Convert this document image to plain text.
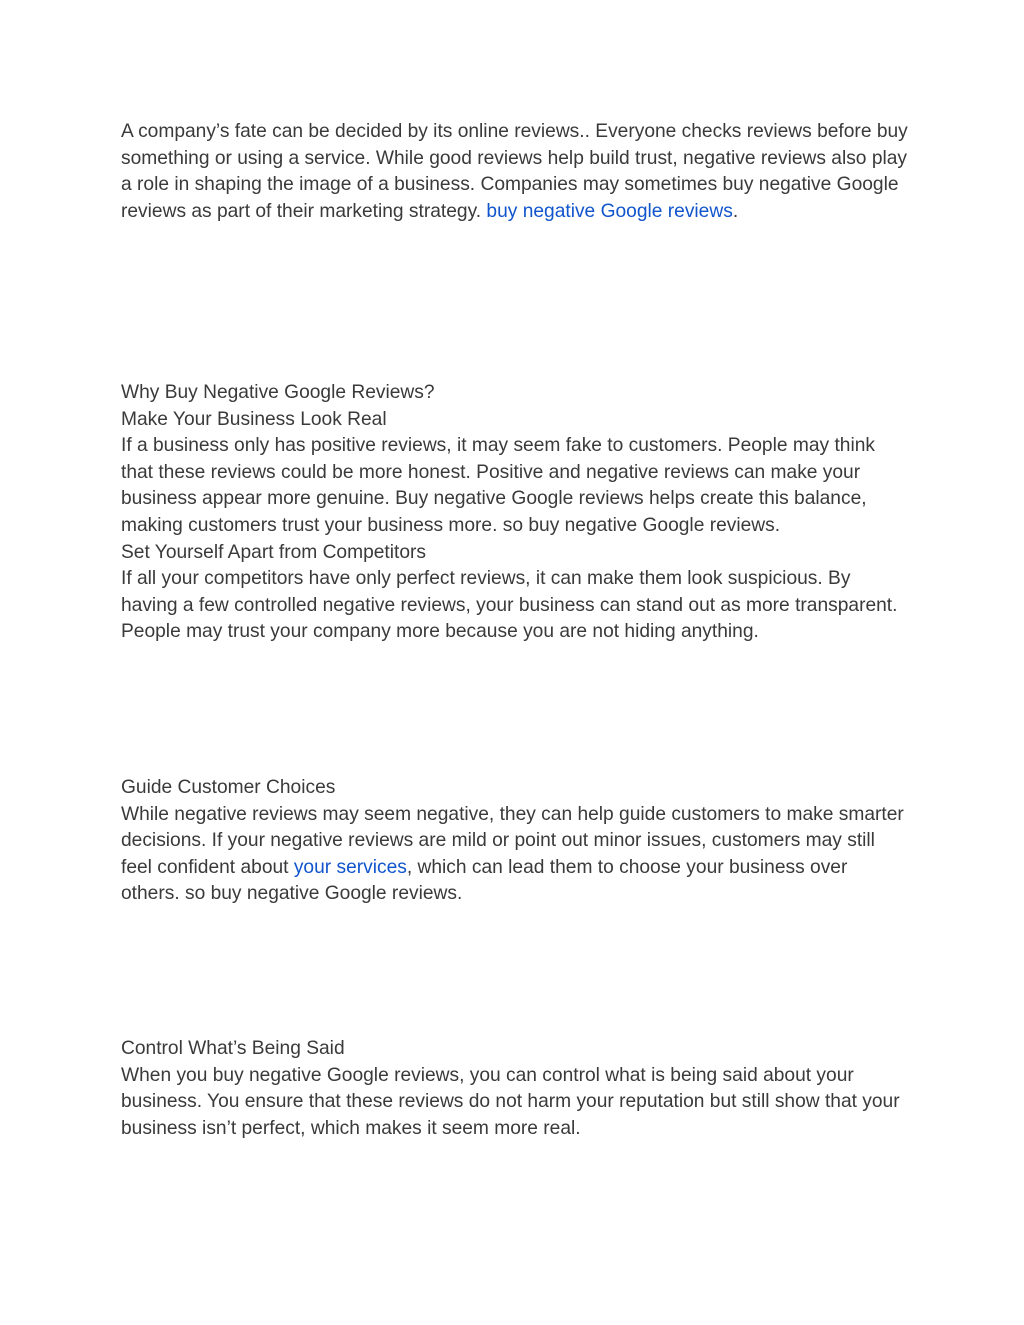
A company’s fate can be decided by its online reviews.. Everyone checks reviews before buy something or using a service. While good reviews help build trust, negative reviews also play a role in shaping the image of a business. Companies may sometimes buy negative Google reviews as part of their marketing strategy. buy negative Google reviews.

Why Buy Negative Google Reviews?

Make Your Business Look Real

If a business only has positive reviews, it may seem fake to customers. People may think that these reviews could be more honest. Positive and negative reviews can make your business appear more genuine. Buy negative Google reviews helps create this balance, making customers trust your business more. so buy negative Google reviews.

Set Yourself Apart from Competitors

If all your competitors have only perfect reviews, it can make them look suspicious. By having a few controlled negative reviews, your business can stand out as more transparent. People may trust your company more because you are not hiding anything.

Guide Customer Choices

While negative reviews may seem negative, they can help guide customers to make smarter decisions. If your negative reviews are mild or point out minor issues, customers may still feel confident about your services, which can lead them to choose your business over others. so buy negative Google reviews.

Control What’s Being Said

When you buy negative Google reviews, you can control what is being said about your business. You ensure that these reviews do not harm your reputation but still show that your business isn’t perfect, which makes it seem more real.
